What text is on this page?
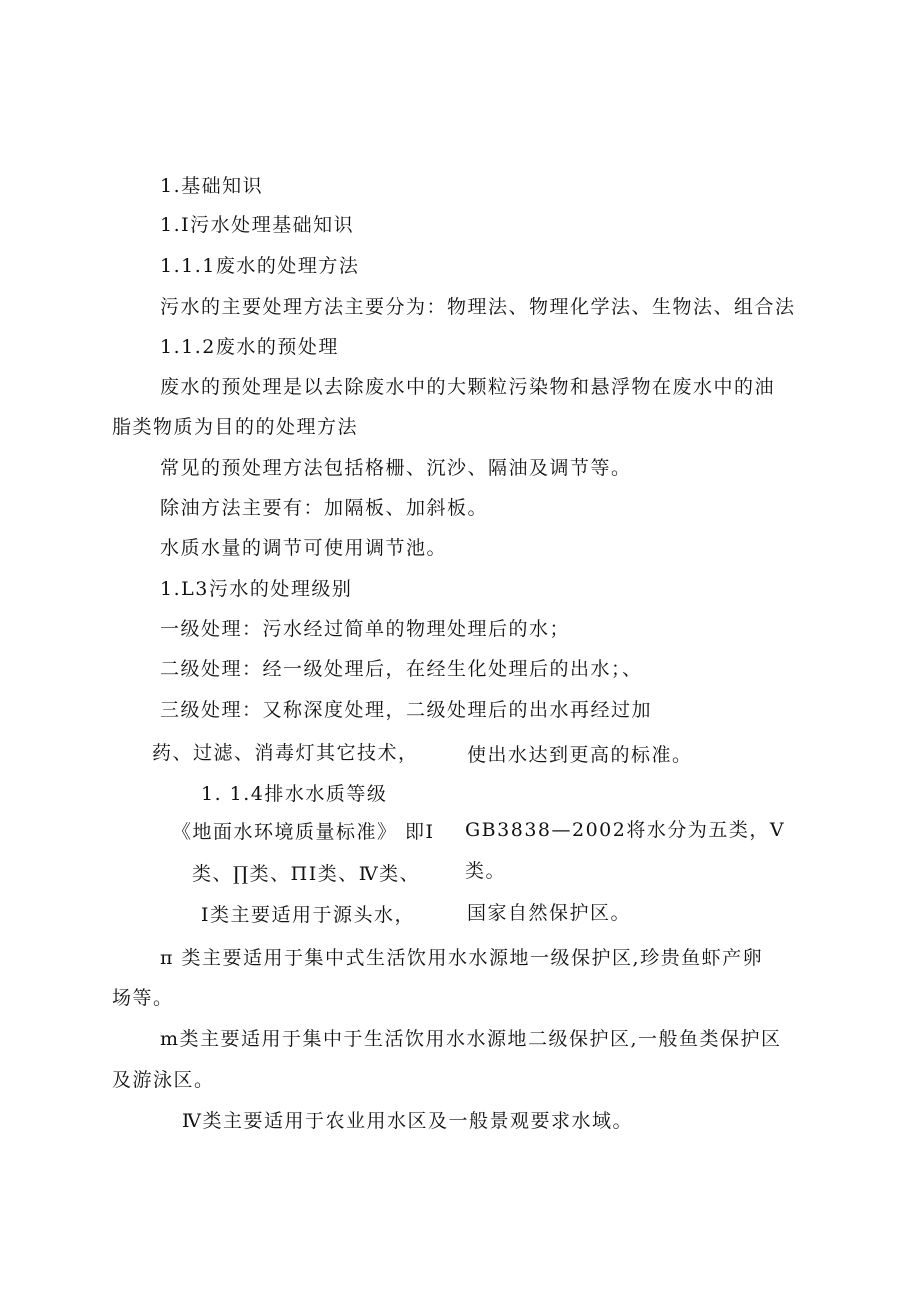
1.基础知识
1.Ⅰ污水处理基础知识
1.1.1废水的处理方法
污水的主要处理方法主要分为：物理法、物理化学法、生物法、组合法
1.1.2废水的预处理
废水的预处理是以去除废水中的大颗粒污染物和悬浮物在废水中的油
脂类物质为目的的处理方法
常见的预处理方法包括格栅、沉沙、隔油及调节等。
除油方法主要有：加隔板、加斜板。
水质水量的调节可使用调节池。
1.L3污水的处理级别
一级处理：污水经过简单的物理处理后的水；
二级处理：经一级处理后，在经生化处理后的出水；、
三级处理：又称深度处理，二级处理后的出水再经过加
药、过滤、消毒灯其它技术，	使出水达到更高的标准。
1. 1.4排水水质等级
《地面水环境质量标准》 即Ⅰ GB3838—2002将水分为五类，V
类、∏类、ΠⅠ类、Ⅳ类、 类。
Ⅰ类主要适用于源头水，	国家自然保护区。
π 类主要适用于集中式生活饮用水水源地一级保护区,珍贵鱼虾产卵
场等。
m类主要适用于集中于生活饮用水水源地二级保护区,一般鱼类保护区
及游泳区。
Ⅳ类主要适用于农业用水区及一般景观要求水域。
